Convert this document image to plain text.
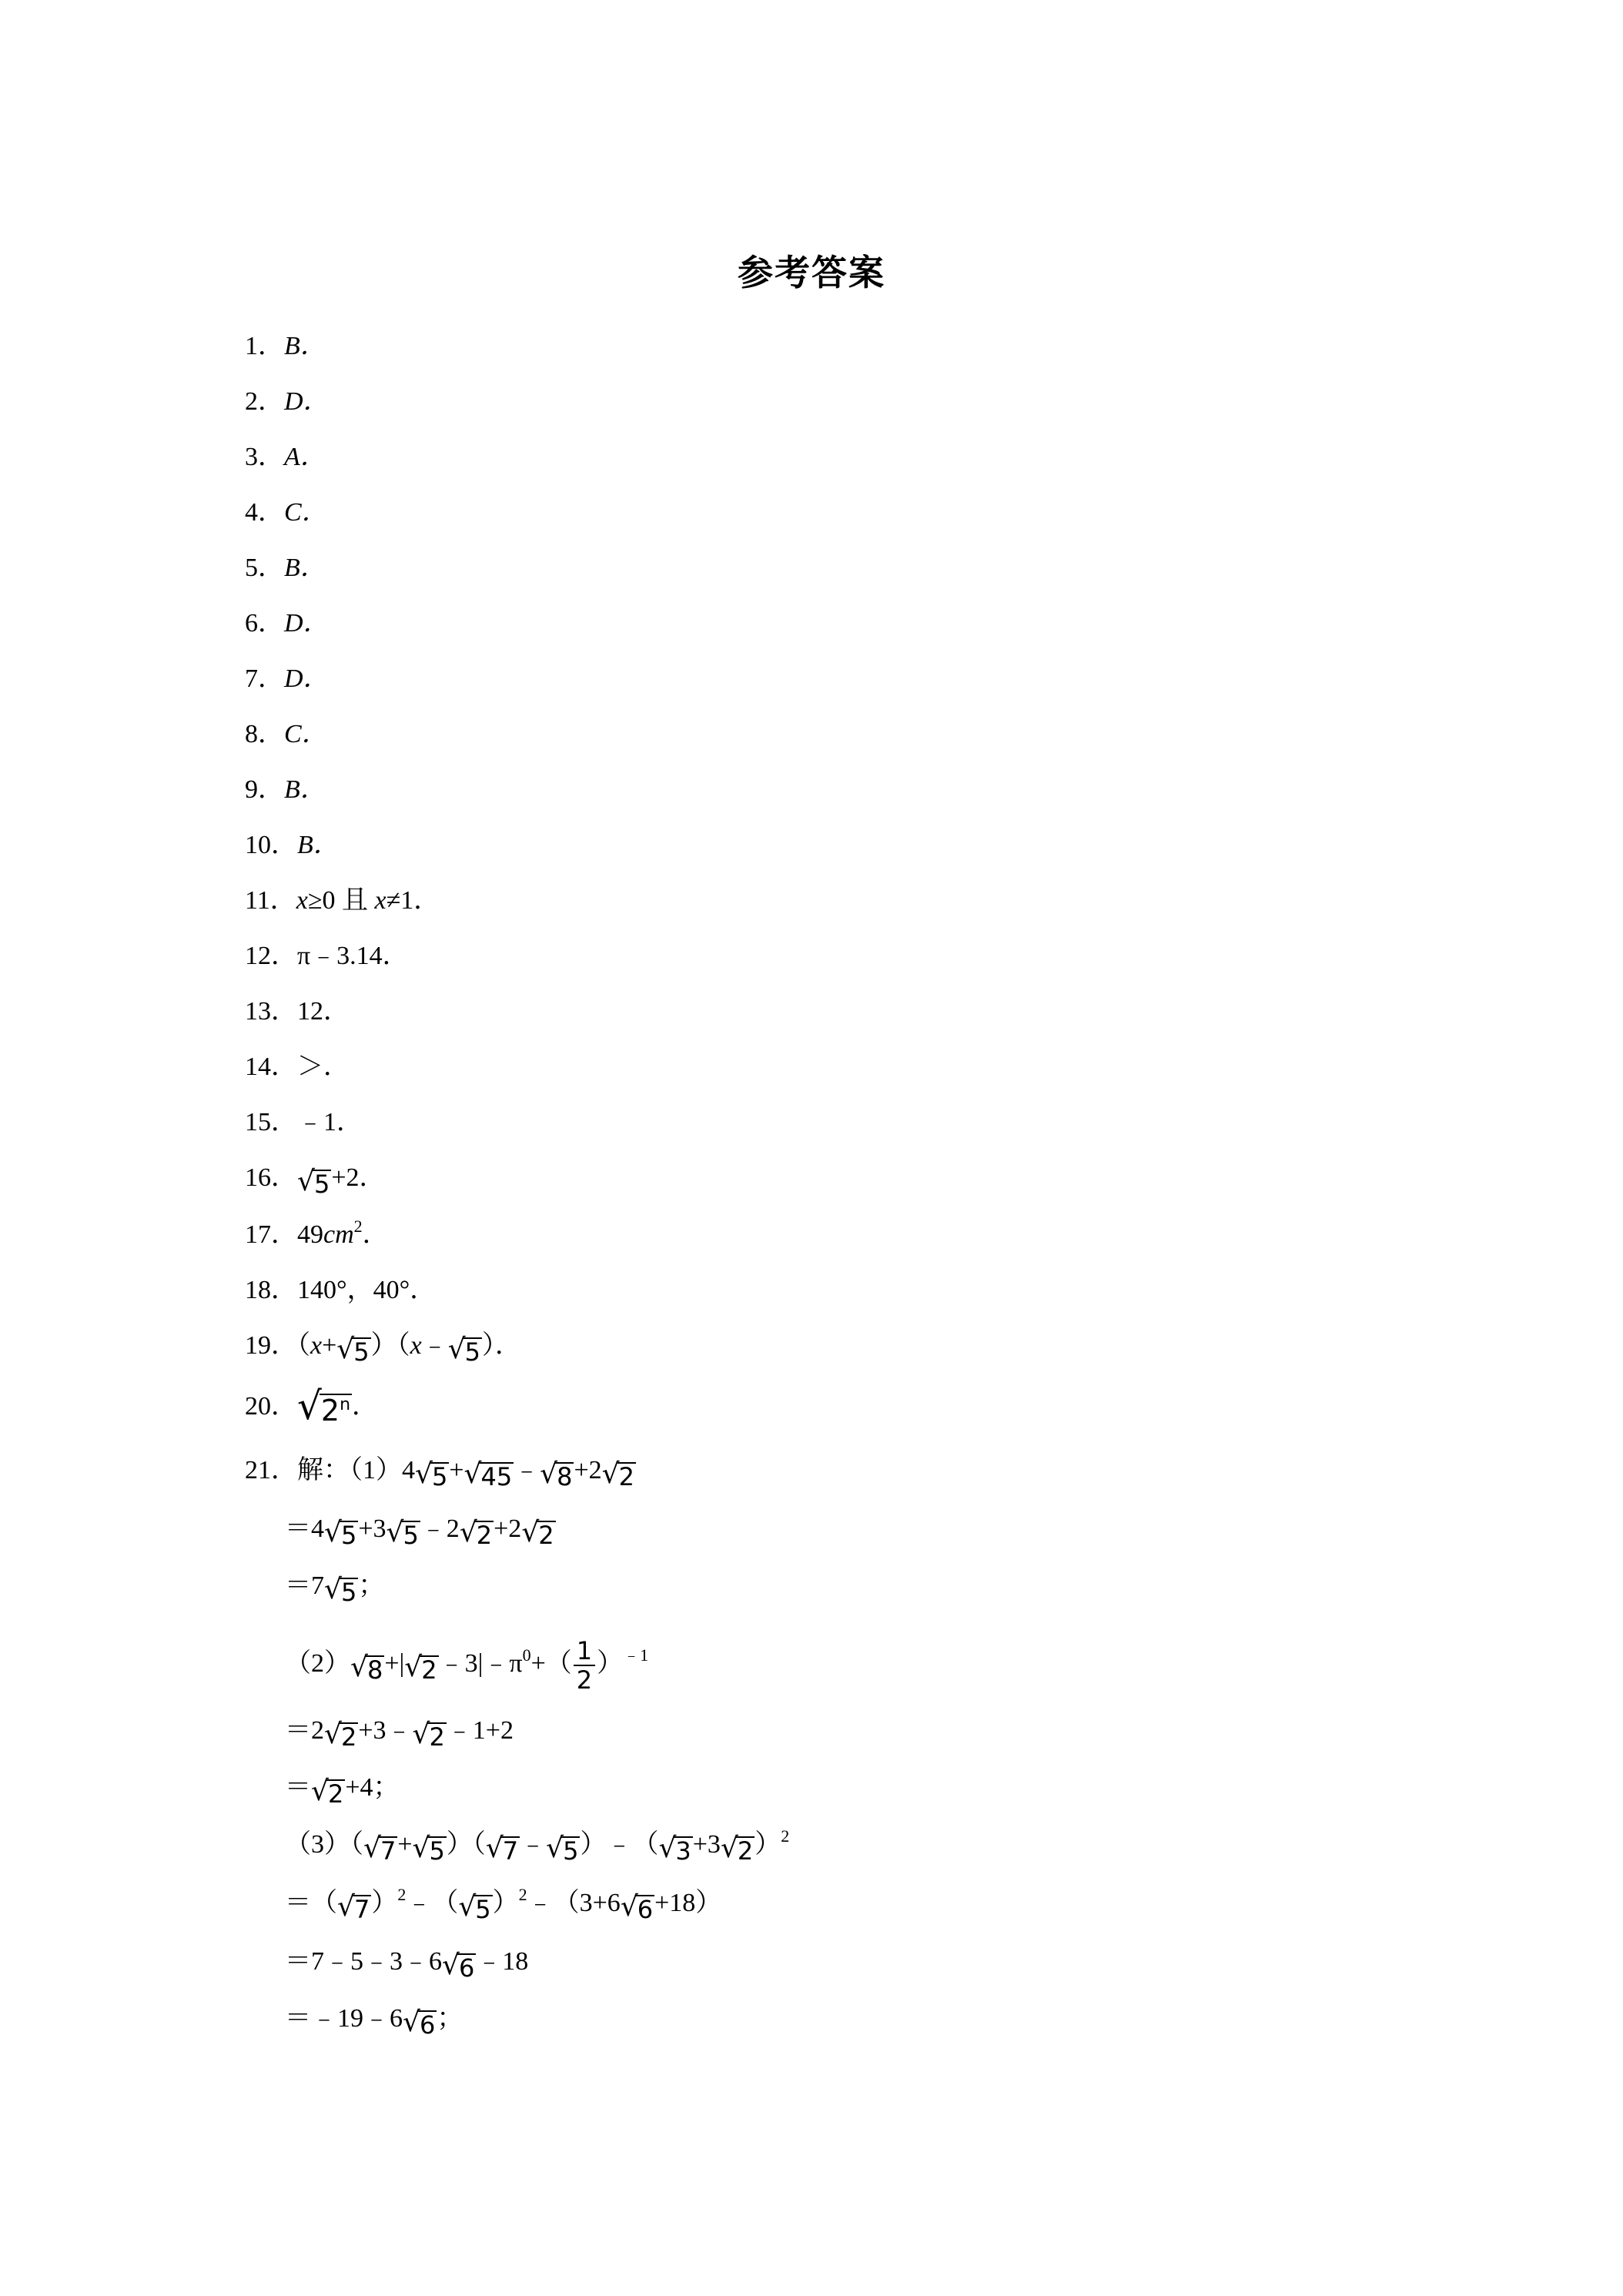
参考答案
1．B．
2．D．
3．A．
4．C．
5．B．
6．D．
7．D．
8．C．
9．B．
10．B．
11．x≥0 且 x≠1．
12．π﹣3.14．
13．12．
14．＞．
15．﹣1．
16． √ 5 +2．
17．$49cm^2$．
18．140°，40°．
19．（x+ √ 5 ）（x﹣ √ 5 ）．
20． √ 2$^n$ ．
21．解：（1）4 √ 5 + √ 45 ﹣ √ 8 +2 √ 2
＝4 √ 5 +3 √ 5 ﹣2 √ 2 +2 √ 2
＝7 √ 5 ；
（2） √ 8 +| √ 2 $﹣3|﹣\pi^0+( \frac{1}{2} )^{﹣1}$
＝2 √ 2 +3﹣ √ 2 ﹣1+2
＝ √ 2 +4；
（3）（ √ 7 + √ 5 ）（ √ 7 ﹣ √ 5 ）﹣（ √ 3 +3 √ 2 ）$^2$
＝（ √ 7 ）$^2$﹣（ √ 5 ）$^2$﹣（3+6 √ 6 +18）
＝7﹣5﹣3﹣6 √ 6 ﹣18
＝﹣19﹣6 √ 6 ；
